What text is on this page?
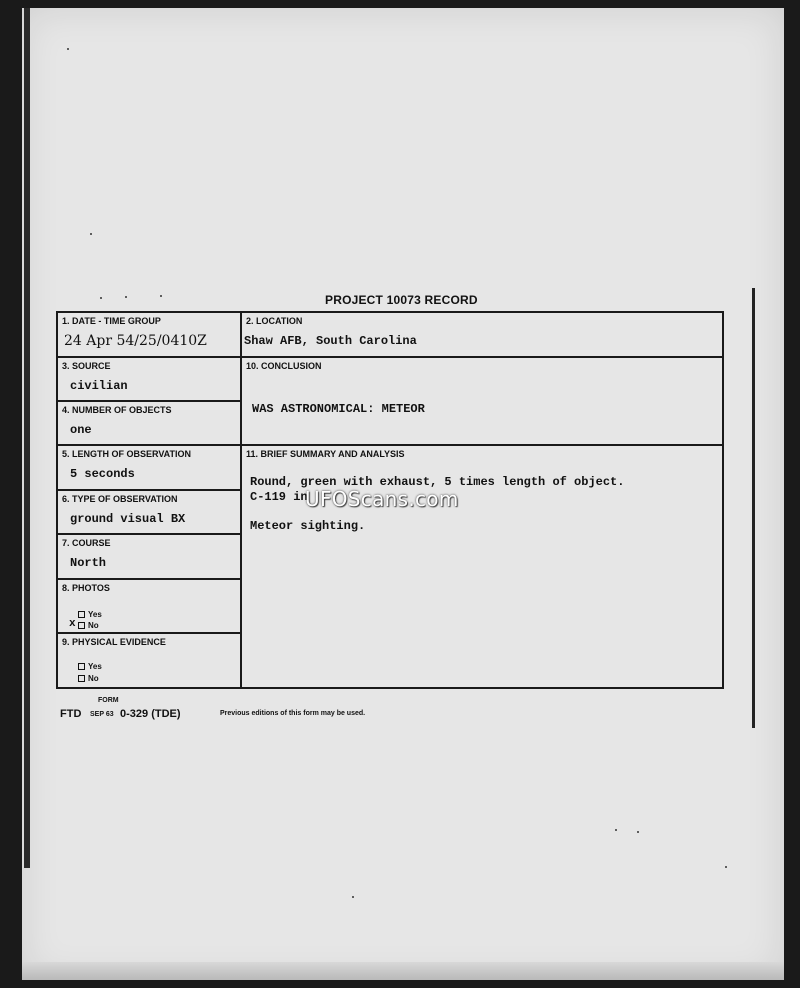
PROJECT 10073 RECORD
1. DATE - TIME GROUP
24 Apr 54/25/0410Z
3. SOURCE
civilian
4. NUMBER OF OBJECTS
one
5. LENGTH OF OBSERVATION
5 seconds
6. TYPE OF OBSERVATION
ground visual BX
7. COURSE
North
8. PHOTOS
Yes
x	No
9. PHYSICAL EVIDENCE
Yes
No
2. LOCATION
Shaw AFB, South Carolina
10. CONCLUSION
WAS ASTRONOMICAL: METEOR
11. BRIEF SUMMARY AND ANALYSIS
Round, green with exhaust, 5 times length of object.
C-119 in
Meteor sighting.
UFOScans.com
FORM
FTD SEP 63 0-329 (TDE)	Previous editions of this form may be used.
